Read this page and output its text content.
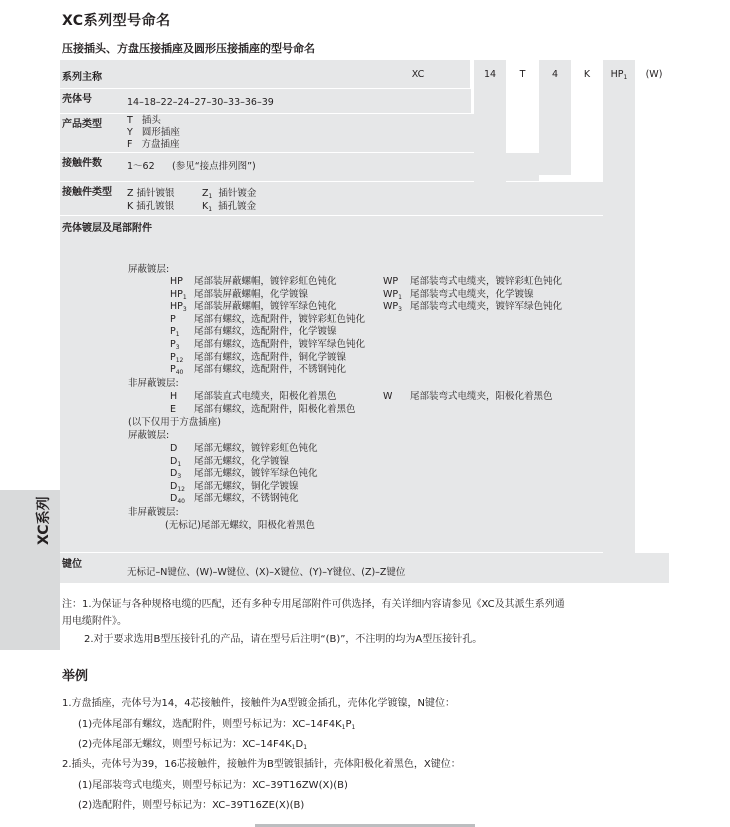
XC系列型号命名
压接插头、方盘压接插座及圆形压接插座的型号命名
系列主称	XC	14	T	4	K	$HP_1$	(W)
壳体号	14–18–22–24–27–30–33–36–39
产品类型	T 插头
Y 圆形插座
F 方盘插座
接触件数	1～62 (参见“接点排列图”)
接触件类型 Z 插针镀银	$Z_1$ 插针镀金
K 插孔镀银	$K_1$ 插孔镀金
壳体镀层及尾部附件
屏蔽镀层:
HP 尾部装屏蔽螺帽，镀锌彩虹色钝化	WP 尾部装弯式电缆夹，镀锌彩虹色钝化
$HP_1$ 尾部装屏蔽螺帽，化学镀镍	$WP_1$ 尾部装弯式电缆夹，化学镀镍
$HP_3$ 尾部装屏蔽螺帽，镀锌军绿色钝化	$WP_3$ 尾部装弯式电缆夹，镀锌军绿色钝化
P 尾部有螺纹，选配附件，镀锌彩虹色钝化
$P_1$ 尾部有螺纹，选配附件，化学镀镍
$P_3$ 尾部有螺纹，选配附件，镀锌军绿色钝化
$P_{12}$ 尾部有螺纹，选配附件，铜化学镀镍
$P_{40}$ 尾部有螺纹，选配附件，不锈钢钝化
非屏蔽镀层:
H 尾部装直式电缆夹，阳极化着黑色	W 尾部装弯式电缆夹，阳极化着黑色
E 尾部有螺纹，选配附件，阳极化着黑色
(以下仅用于方盘插座)
屏蔽镀层:
D 尾部无螺纹，镀锌彩虹色钝化
$D_1$ 尾部无螺纹，化学镀镍
$D_3$ 尾部无螺纹，镀锌军绿色钝化
$D_{12}$ 尾部无螺纹，铜化学镀镍
$D_{40}$ 尾部无螺纹，不锈钢钝化
非屏蔽镀层:
(无标记)尾部无螺纹，阳极化着黑色
键位
无标记–N键位、(W)–W键位、(X)–X键位、(Y)–Y键位、(Z)–Z键位
XC系列
注：1.为保证与各种规格电缆的匹配，还有多种专用尾部附件可供选择，有关详细内容请参见《XC及其派生系列通
用电缆附件》。
2.对于要求选用B型压接针孔的产品，请在型号后注明“(B)”，不注明的均为A型压接针孔。
举例
1.方盘插座，壳体号为14，4芯接触件，接触件为A型镀金插孔，壳体化学镀镍，N键位：
(1)壳体尾部有螺纹，选配附件，则型号标记为：$XC-14F4K_1P_1$
(2)壳体尾部无螺纹，则型号标记为：$XC-14F4K_1D_1$
2.插头，壳体号为39，16芯接触件，接触件为B型镀银插针，壳体阳极化着黑色，X键位：
(1)尾部装弯式电缆夹，则型号标记为：XC–39T16ZW(X)(B)
(2)选配附件，则型号标记为：XC–39T16ZE(X)(B)
